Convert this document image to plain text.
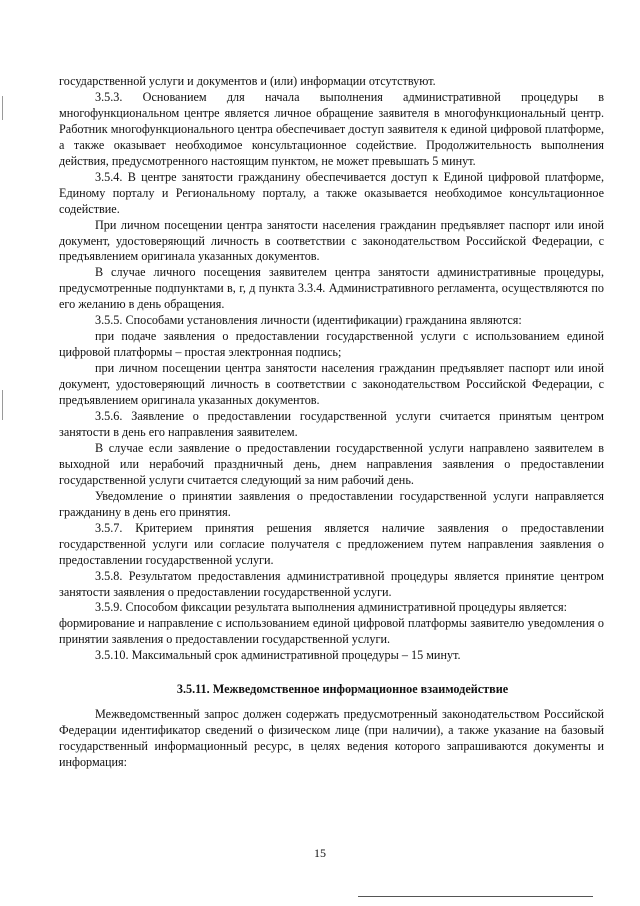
государственной услуги и документов и (или) информации отсутствуют.

3.5.3. Основанием для начала выполнения административной процедуры в многофункциональном центре является личное обращение заявителя в многофункциональный центр. Работник многофункционального центра обеспечивает доступ заявителя к единой цифровой платформе, а также оказывает необходимое консультационное содействие. Продолжительность выполнения действия, предусмотренного настоящим пунктом, не может превышать 5 минут.

3.5.4. В центре занятости гражданину обеспечивается доступ к Единой цифровой платформе, Единому порталу и Региональному порталу, а также оказывается необходимое консультационное содействие.

При личном посещении центра занятости населения гражданин предъявляет паспорт или иной документ, удостоверяющий личность в соответствии с законодательством Российской Федерации, с предъявлением оригинала указанных документов.

В случае личного посещения заявителем центра занятости административные процедуры, предусмотренные подпунктами в, г, д пункта 3.3.4. Административного регламента, осуществляются по его желанию в день обращения.

3.5.5. Способами установления личности (идентификации) гражданина являются:

при подаче заявления о предоставлении государственной услуги с использованием единой цифровой платформы – простая электронная подпись;

при личном посещении центра занятости населения гражданин предъявляет паспорт или иной документ, удостоверяющий личность в соответствии с законодательством Российской Федерации, с предъявлением оригинала указанных документов.

3.5.6. Заявление о предоставлении государственной услуги считается принятым центром занятости в день его направления заявителем.

В случае если заявление о предоставлении государственной услуги направлено заявителем в выходной или нерабочий праздничный день, днем направления заявления о предоставлении государственной услуги считается следующий за ним рабочий день.

Уведомление о принятии заявления о предоставлении государственной услуги направляется гражданину в день его принятия.

3.5.7. Критерием принятия решения является наличие заявления о предоставлении государственной услуги или согласие получателя с предложением путем направления заявления о предоставлении государственной услуги.

3.5.8. Результатом предоставления административной процедуры является принятие центром занятости заявления о предоставлении государственной услуги.

3.5.9. Способом фиксации результата выполнения административной процедуры является:

формирование и направление с использованием единой цифровой платформы заявителю уведомления о принятии заявления о предоставлении государственной услуги.

3.5.10. Максимальный срок административной процедуры – 15 минут.

3.5.11. Межведомственное информационное взаимодействие

Межведомственный запрос должен содержать предусмотренный законодательством Российской Федерации идентификатор сведений о физическом лице (при наличии), а также указание на базовый государственный информационный ресурс, в целях ведения которого запрашиваются документы и информация:

15
